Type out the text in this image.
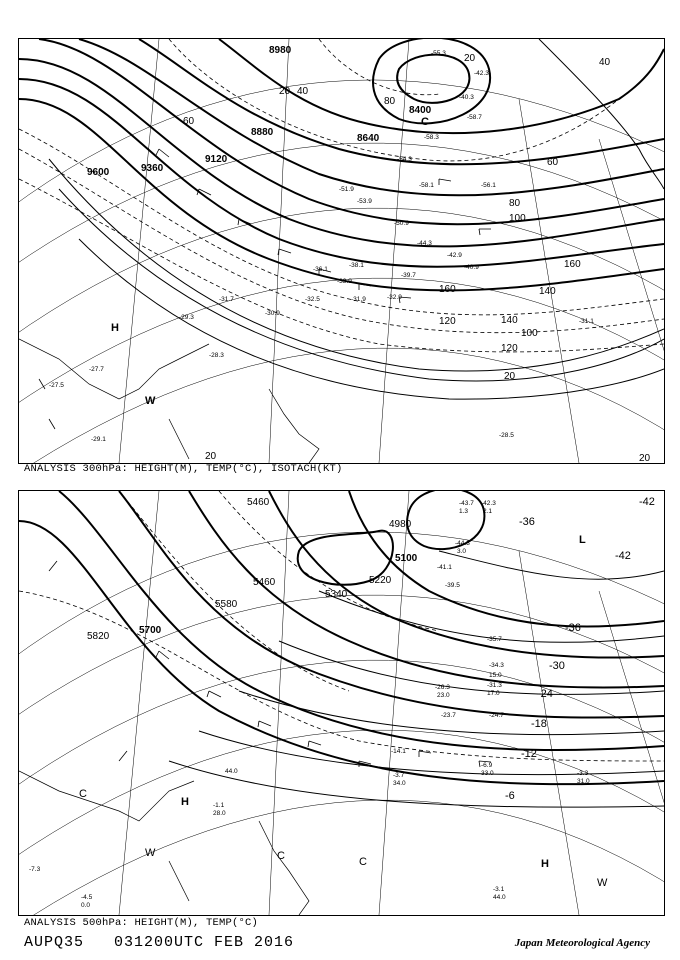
9600	9360
9120
8880
8640
8400
8980
20 40
60
80
100
120
140
160
20	40
60
80
100
120
140
160
20
20	20
H
W
C
-55.3
-42.3
-40.3
-58.7
-58.3
-54.3
-58.1	-56.1
-51.9
-53.9
-50.9
-44.3
-42.9
-40.9
-39.7
-38.1
-36.1
-33.9
-32.9
-32.5	-31.9
-31.1
-29.3
-28.3
-28.5
-27.7
-27.5
-29.1
-31.7
-30.9
ANALYSIS 300hPa: HEIGHT(M), TEMP(°C), ISOTACH(KT)
5820
5700
5580
5460
5340
5220
5100
4980
5460	-42
-36
-30
-24
-18
-12
-6
-36
-42
L
H
C
C	C	H
W
W
-43.7 -42.3
-44.3
-41.1
-39.5
-35.7
-34.3
-31.3
-26.3
-24.7
-23.7
-14.1
-6.9
-3.3
-3.7
-1.1
-3.1
-4.5
-7.3
1.3 2.1
3.0
15.0
17.0
23.0
33.0
31.0
34.0
28.0
44.0
0.0
44.0
ANALYSIS 500hPa: HEIGHT(M), TEMP(°C)
AUPQ35   031200UTC FEB 2016	Japan Meteorological Agency
